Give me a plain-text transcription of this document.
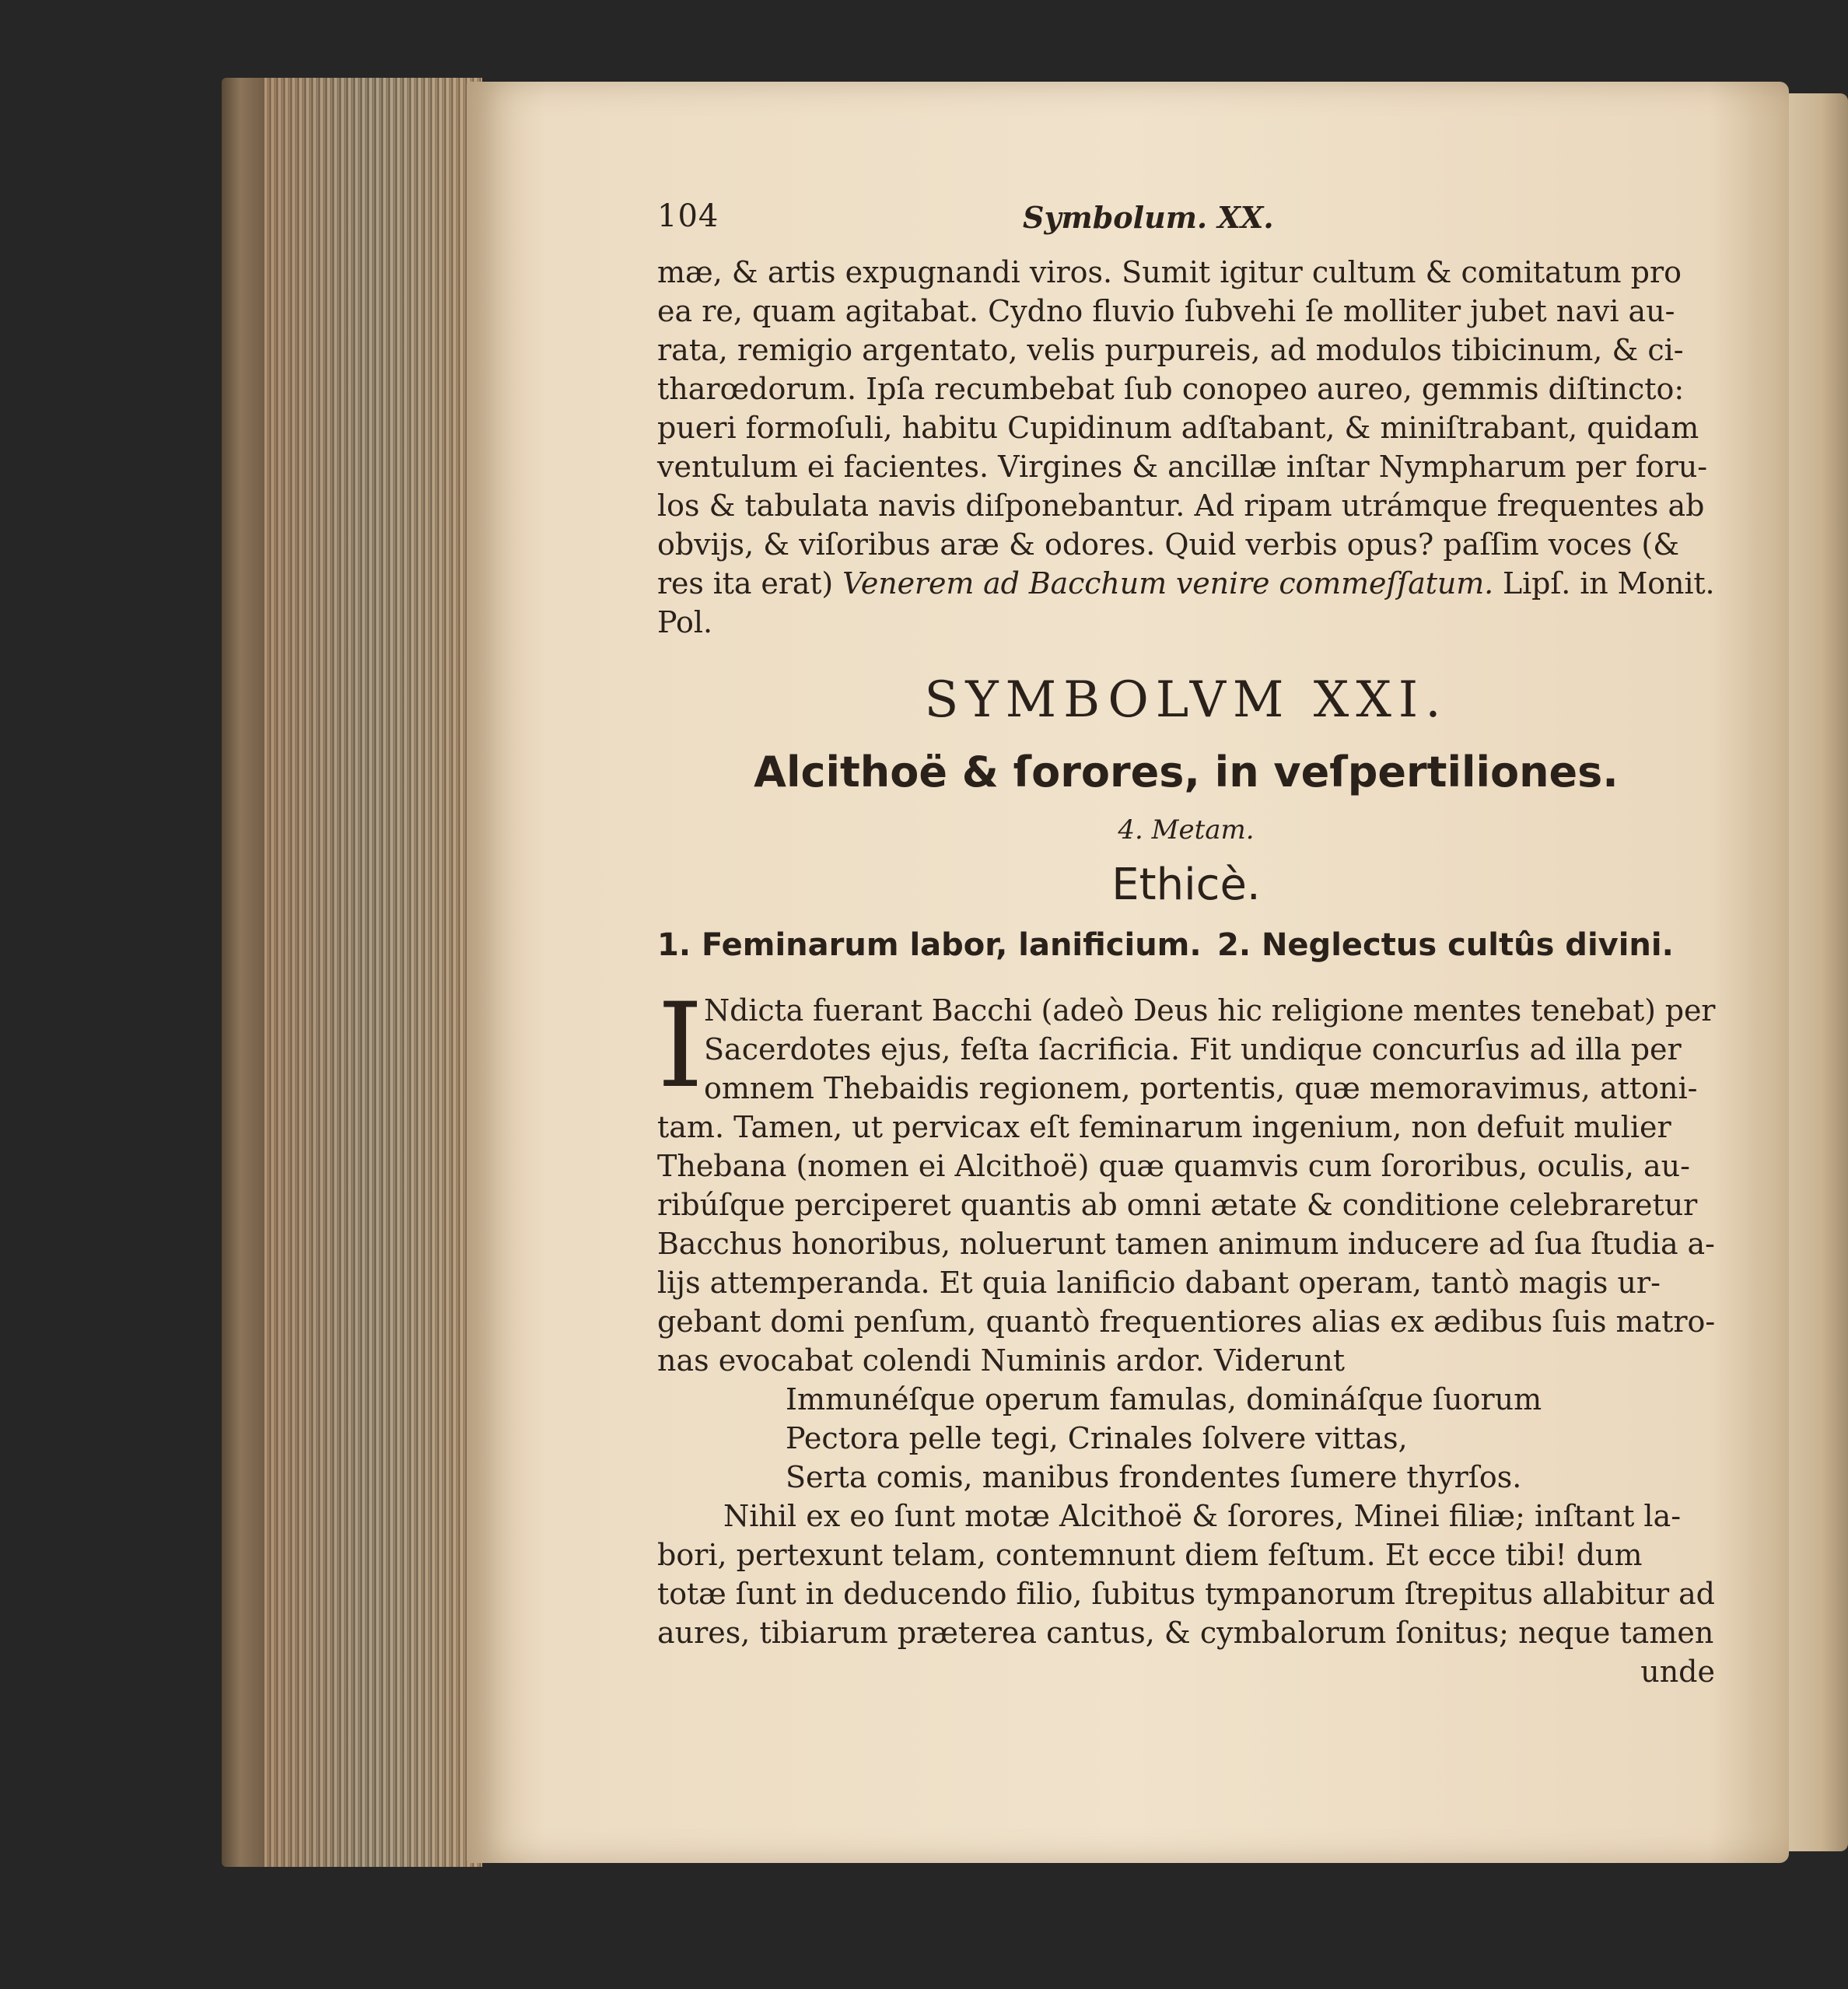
104	Symbolum. XX.
mæ, & artis expugnandi viros. Sumit igitur cultum & comitatum pro
ea re, quam agitabat. Cydno fluvio ſubvehi ſe molliter jubet navi au-
rata, remigio argentato, velis purpureis, ad modulos tibicinum, & ci-
tharœdorum. Ipſa recumbebat ſub conopeo aureo, gemmis diſtincto:
pueri formoſuli, habitu Cupidinum adſtabant, & miniſtrabant, quidam
ventulum ei facientes. Virgines & ancillæ inſtar Nympharum per foru-
los & tabulata navis diſponebantur. Ad ripam utrámque frequentes ab
obvijs, & viſoribus aræ & odores. Quid verbis opus? paſſim voces (&
res ita erat) Venerem ad Bacchum venire commeſſatum. Lipſ. in Monit.
Pol.
SYMBOLVM XXI.
Alcithoë & ſorores, in veſpertiliones.
4. Metam.
Ethicè.
1. Feminarum labor, lanificium. 2. Neglectus cultûs divini.
I Ndicta fuerant Bacchi (adeò Deus hic religione mentes tenebat) per
Sacerdotes ejus, feſta ſacrificia. Fit undique concurſus ad illa per
omnem Thebaidis regionem, portentis, quæ memoravimus, attoni-
tam. Tamen, ut pervicax eſt feminarum ingenium, non defuit mulier
Thebana (nomen ei Alcithoë) quæ quamvis cum ſororibus, oculis, au-
ribúſque perciperet quantis ab omni ætate & conditione celebraretur
Bacchus honoribus, noluerunt tamen animum inducere ad ſua ſtudia a-
lijs attemperanda. Et quia lanificio dabant operam, tantò magis ur-
gebant domi penſum, quantò frequentiores alias ex ædibus ſuis matro-
nas evocabat colendi Numinis ardor. Viderunt
Immunéſque operum famulas, domináſque ſuorum
Pectora pelle tegi, Crinales ſolvere vittas,
Serta comis, manibus frondentes ſumere thyrſos.
Nihil ex eo ſunt motæ Alcithoë & ſorores, Minei filiæ; inſtant la-
bori, pertexunt telam, contemnunt diem feſtum. Et ecce tibi! dum
totæ ſunt in deducendo filio, ſubitus tympanorum ſtrepitus allabitur ad
aures, tibiarum præterea cantus, & cymbalorum ſonitus; neque tamen
unde
